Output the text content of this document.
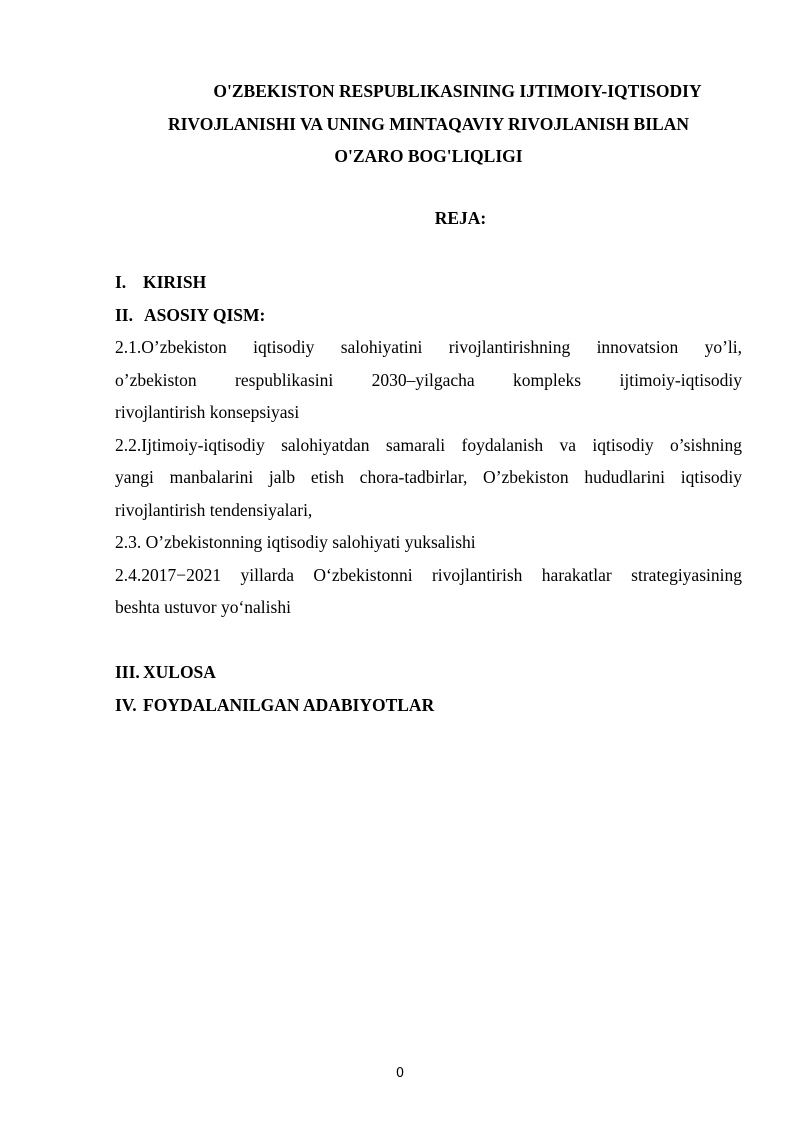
O'ZBEKISTON RESPUBLIKASINING IJTIMOIY-IQTISODIY
RIVOJLANISHI VA UNING MINTAQAVIY RIVOJLANISH BILAN
O'ZARO BOG'LIQLIGI
REJA:
I. KIRISH
II. ASOSIY QISM:

2.1.O’zbekiston iqtisodiy salohiyatini rivojlantirishning innovatsion yo’li,
o’zbekiston respublikasini 2030–yilgacha kompleks ijtimoiy-iqtisodiy
rivojlantirish konsepsiyasi

2.2.Ijtimoiy-iqtisodiy salohiyatdan samarali foydalanish va iqtisodiy o’sishning
yangi manbalarini jalb etish chora-tadbirlar, O’zbekiston hududlarini iqtisodiy
rivojlantirish tendensiyalari,

2.3. O’zbekistonning iqtisodiy salohiyati yuksalishi

2.4.2017−2021 yillarda O‘zbekistonni rivojlantirish harakatlar strategiyasining
beshta ustuvor yo‘nalishi

III. XULOSA
IV. FOYDALANILGAN ADABIYOTLAR
0
